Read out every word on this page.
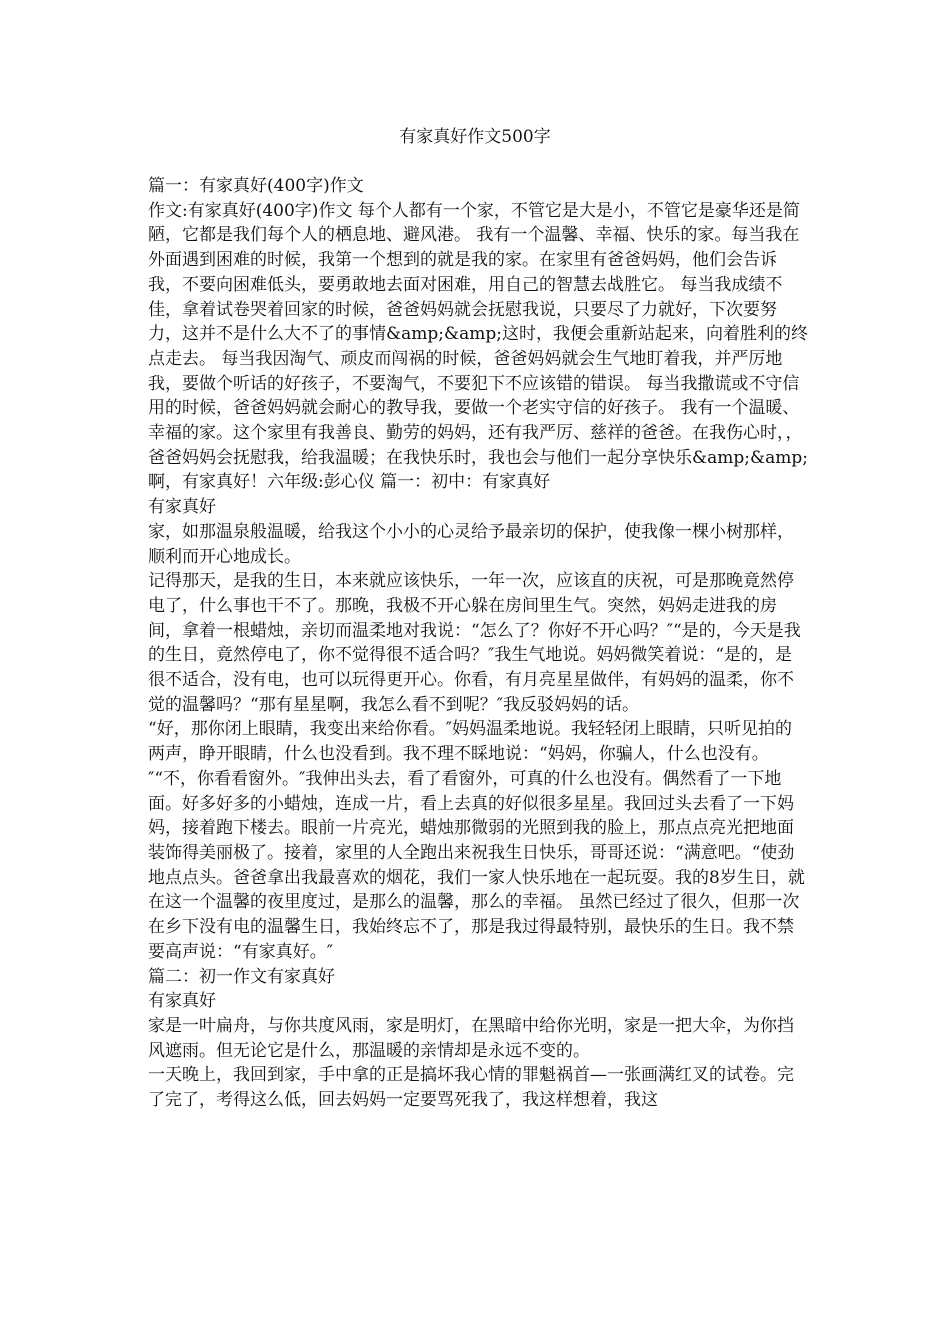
有家真好作文500字

篇一：有家真好(400字)作文

作文:有家真好(400字)作文 每个人都有一个家，不管它是大是小，不管它是豪华还是简陋，它都是我们每个人的栖息地、避风港。 我有一个温馨、幸福、快乐的家。每当我在外面遇到困难的时候，我第一个想到的就是我的家。在家里有爸爸妈妈，他们会告诉我，不要向困难低头，要勇敢地去面对困难，用自己的智慧去战胜它。 每当我成绩不佳，拿着试卷哭着回家的时候，爸爸妈妈就会抚慰我说，只要尽了力就好，下次要努力，这并不是什么大不了的事情&amp;&amp;这时，我便会重新站起来，向着胜利的终点走去。 每当我因淘气、顽皮而闯祸的时候，爸爸妈妈就会生气地盯着我，并严厉地我，要做个听话的好孩子，不要淘气，不要犯下不应该错的错误。 每当我撒谎或不守信用的时候，爸爸妈妈就会耐心的教导我，要做一个老实守信的好孩子。 我有一个温暖、幸福的家。这个家里有我善良、勤劳的妈妈，还有我严厉、慈祥的爸爸。在我伤心时，，爸爸妈妈会抚慰我，给我温暖；在我快乐时，我也会与他们一起分享快乐&amp;&amp; 啊，有家真好！六年级:彭心仪 篇一：初中：有家真好

有家真好

家，如那温泉般温暖，给我这个小小的心灵给予最亲切的保护，使我像一棵小树那样，顺利而开心地成长。

记得那天，是我的生日，本来就应该快乐，一年一次，应该直的庆祝，可是那晚竟然停电了，什么事也干不了。那晚，我极不开心躲在房间里生气。突然，妈妈走进我的房间，拿着一根蜡烛，亲切而温柔地对我说：“怎么了？你好不开心吗？″“是的，今天是我的生日，竟然停电了，你不觉得很不适合吗？″我生气地说。妈妈微笑着说：“是的，是很不适合，没有电，也可以玩得更开心。你看，有月亮星星做伴，有妈妈的温柔，你不觉的温馨吗？“那有星星啊，我怎么看不到呢？″我反驳妈妈的话。

“好，那你闭上眼睛，我变出来给你看。″妈妈温柔地说。我轻轻闭上眼睛，只听见拍的两声，睁开眼睛，什么也没看到。我不理不睬地说：“妈妈，你骗人，什么也没有。″“不，你看看窗外。″我伸出头去，看了看窗外，可真的什么也没有。偶然看了一下地面。好多好多的小蜡烛，连成一片，看上去真的好似很多星星。我回过头去看了一下妈妈，接着跑下楼去。眼前一片亮光，蜡烛那微弱的光照到我的脸上，那点点亮光把地面装饰得美丽极了。接着，家里的人全跑出来祝我生日快乐，哥哥还说：“满意吧。“使劲地点点头。爸爸拿出我最喜欢的烟花，我们一家人快乐地在一起玩耍。我的8岁生日，就在这一个温馨的夜里度过，是那么的温馨，那么的幸福。 虽然已经过了很久，但那一次在乡下没有电的温馨生日，我始终忘不了，那是我过得最特别，最快乐的生日。我不禁要高声说：“有家真好。″

篇二：初一作文有家真好

有家真好

家是一叶扁舟，与你共度风雨，家是明灯，在黑暗中给你光明，家是一把大伞，为你挡风遮雨。但无论它是什么，那温暖的亲情却是永远不变的。

一天晚上，我回到家，手中拿的正是搞坏我心情的罪魁祸首—一张画满红叉的试卷。完了完了，考得这么低，回去妈妈一定要骂死我了，我这样想着，我这
